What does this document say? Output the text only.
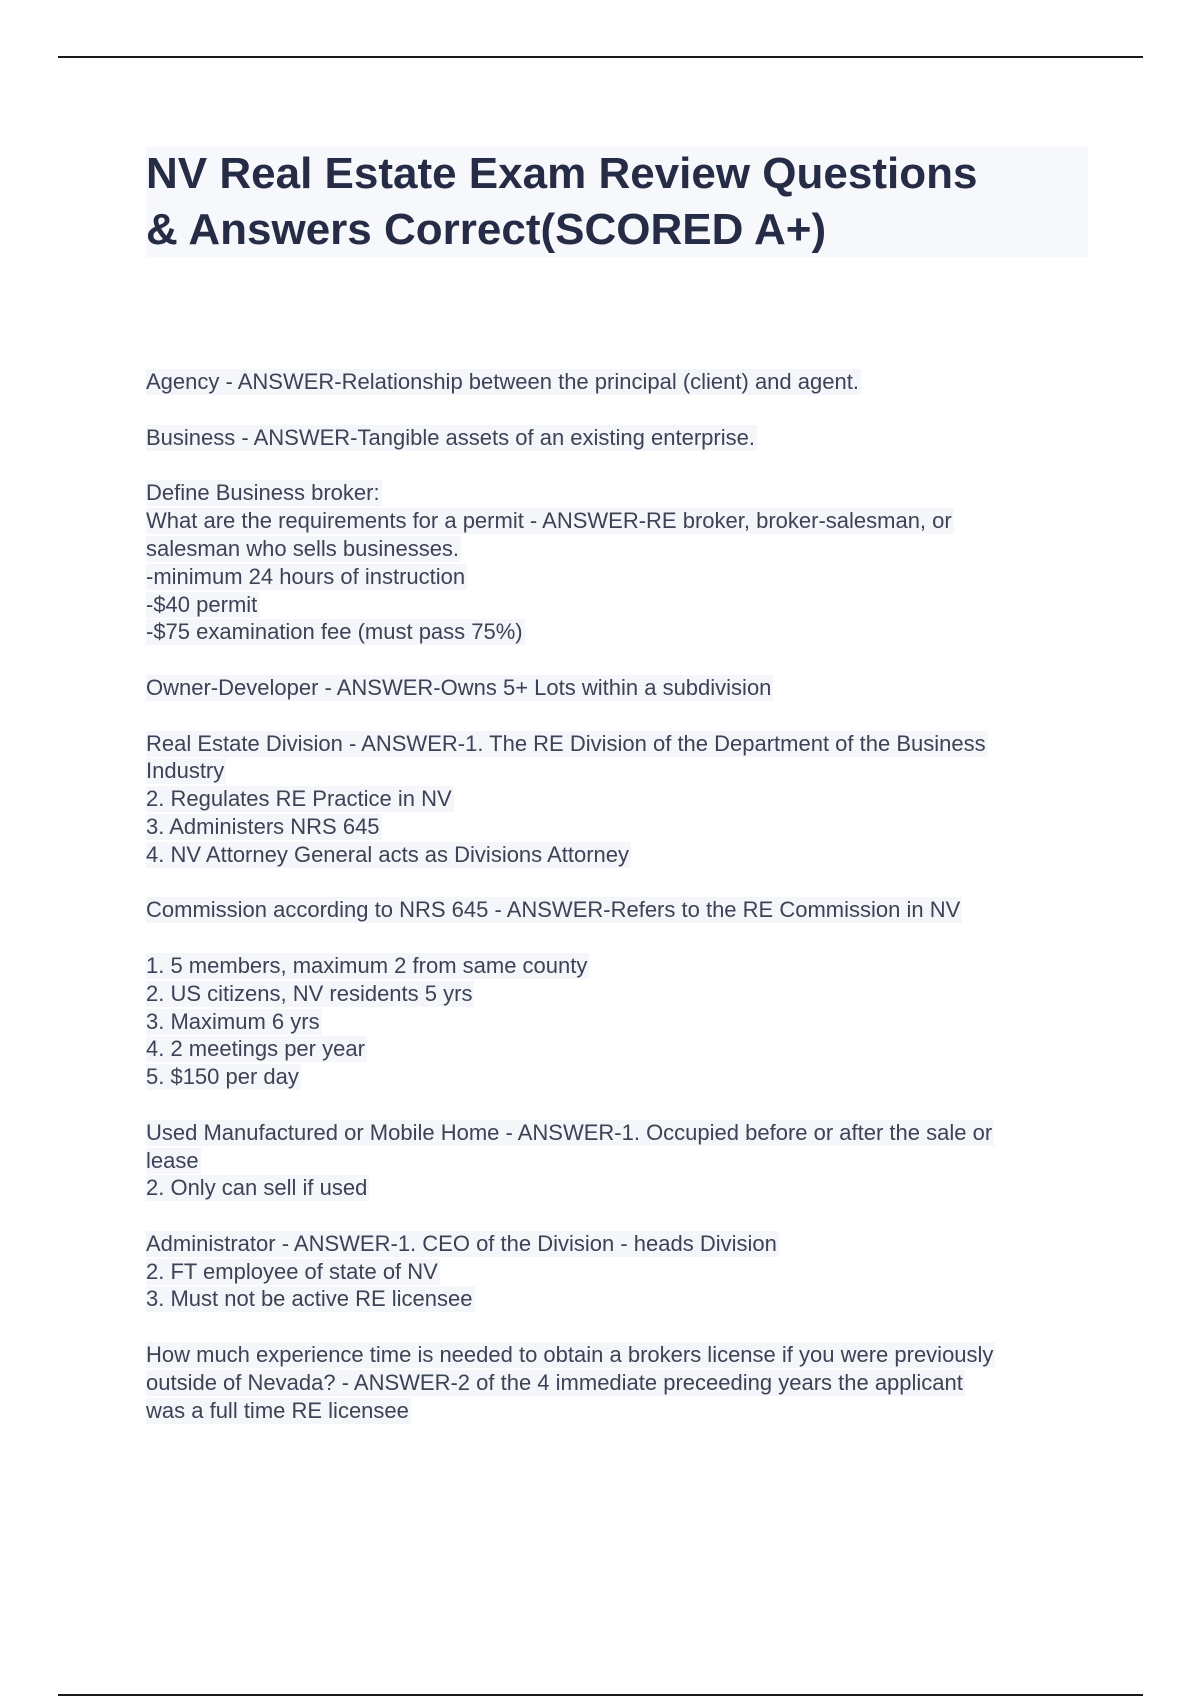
NV Real Estate Exam Review Questions
& Answers Correct(SCORED A+)
Agency - ANSWER-Relationship between the principal (client) and agent.
Business - ANSWER-Tangible assets of an existing enterprise.
Define Business broker:
What are the requirements for a permit - ANSWER-RE broker, broker-salesman, or
salesman who sells businesses.
-minimum 24 hours of instruction
-$40 permit
-$75 examination fee (must pass 75%)
Owner-Developer - ANSWER-Owns 5+ Lots within a subdivision
Real Estate Division - ANSWER-1. The RE Division of the Department of the Business
Industry
2. Regulates RE Practice in NV
3. Administers NRS 645
4. NV Attorney General acts as Divisions Attorney
Commission according to NRS 645 - ANSWER-Refers to the RE Commission in NV
1. 5 members, maximum 2 from same county
2. US citizens, NV residents 5 yrs
3. Maximum 6 yrs
4. 2 meetings per year
5. $150 per day
Used Manufactured or Mobile Home - ANSWER-1. Occupied before or after the sale or
lease
2. Only can sell if used
Administrator - ANSWER-1. CEO of the Division - heads Division
2. FT employee of state of NV
3. Must not be active RE licensee
How much experience time is needed to obtain a brokers license if you were previously
outside of Nevada? - ANSWER-2 of the 4 immediate preceeding years the applicant
was a full time RE licensee
